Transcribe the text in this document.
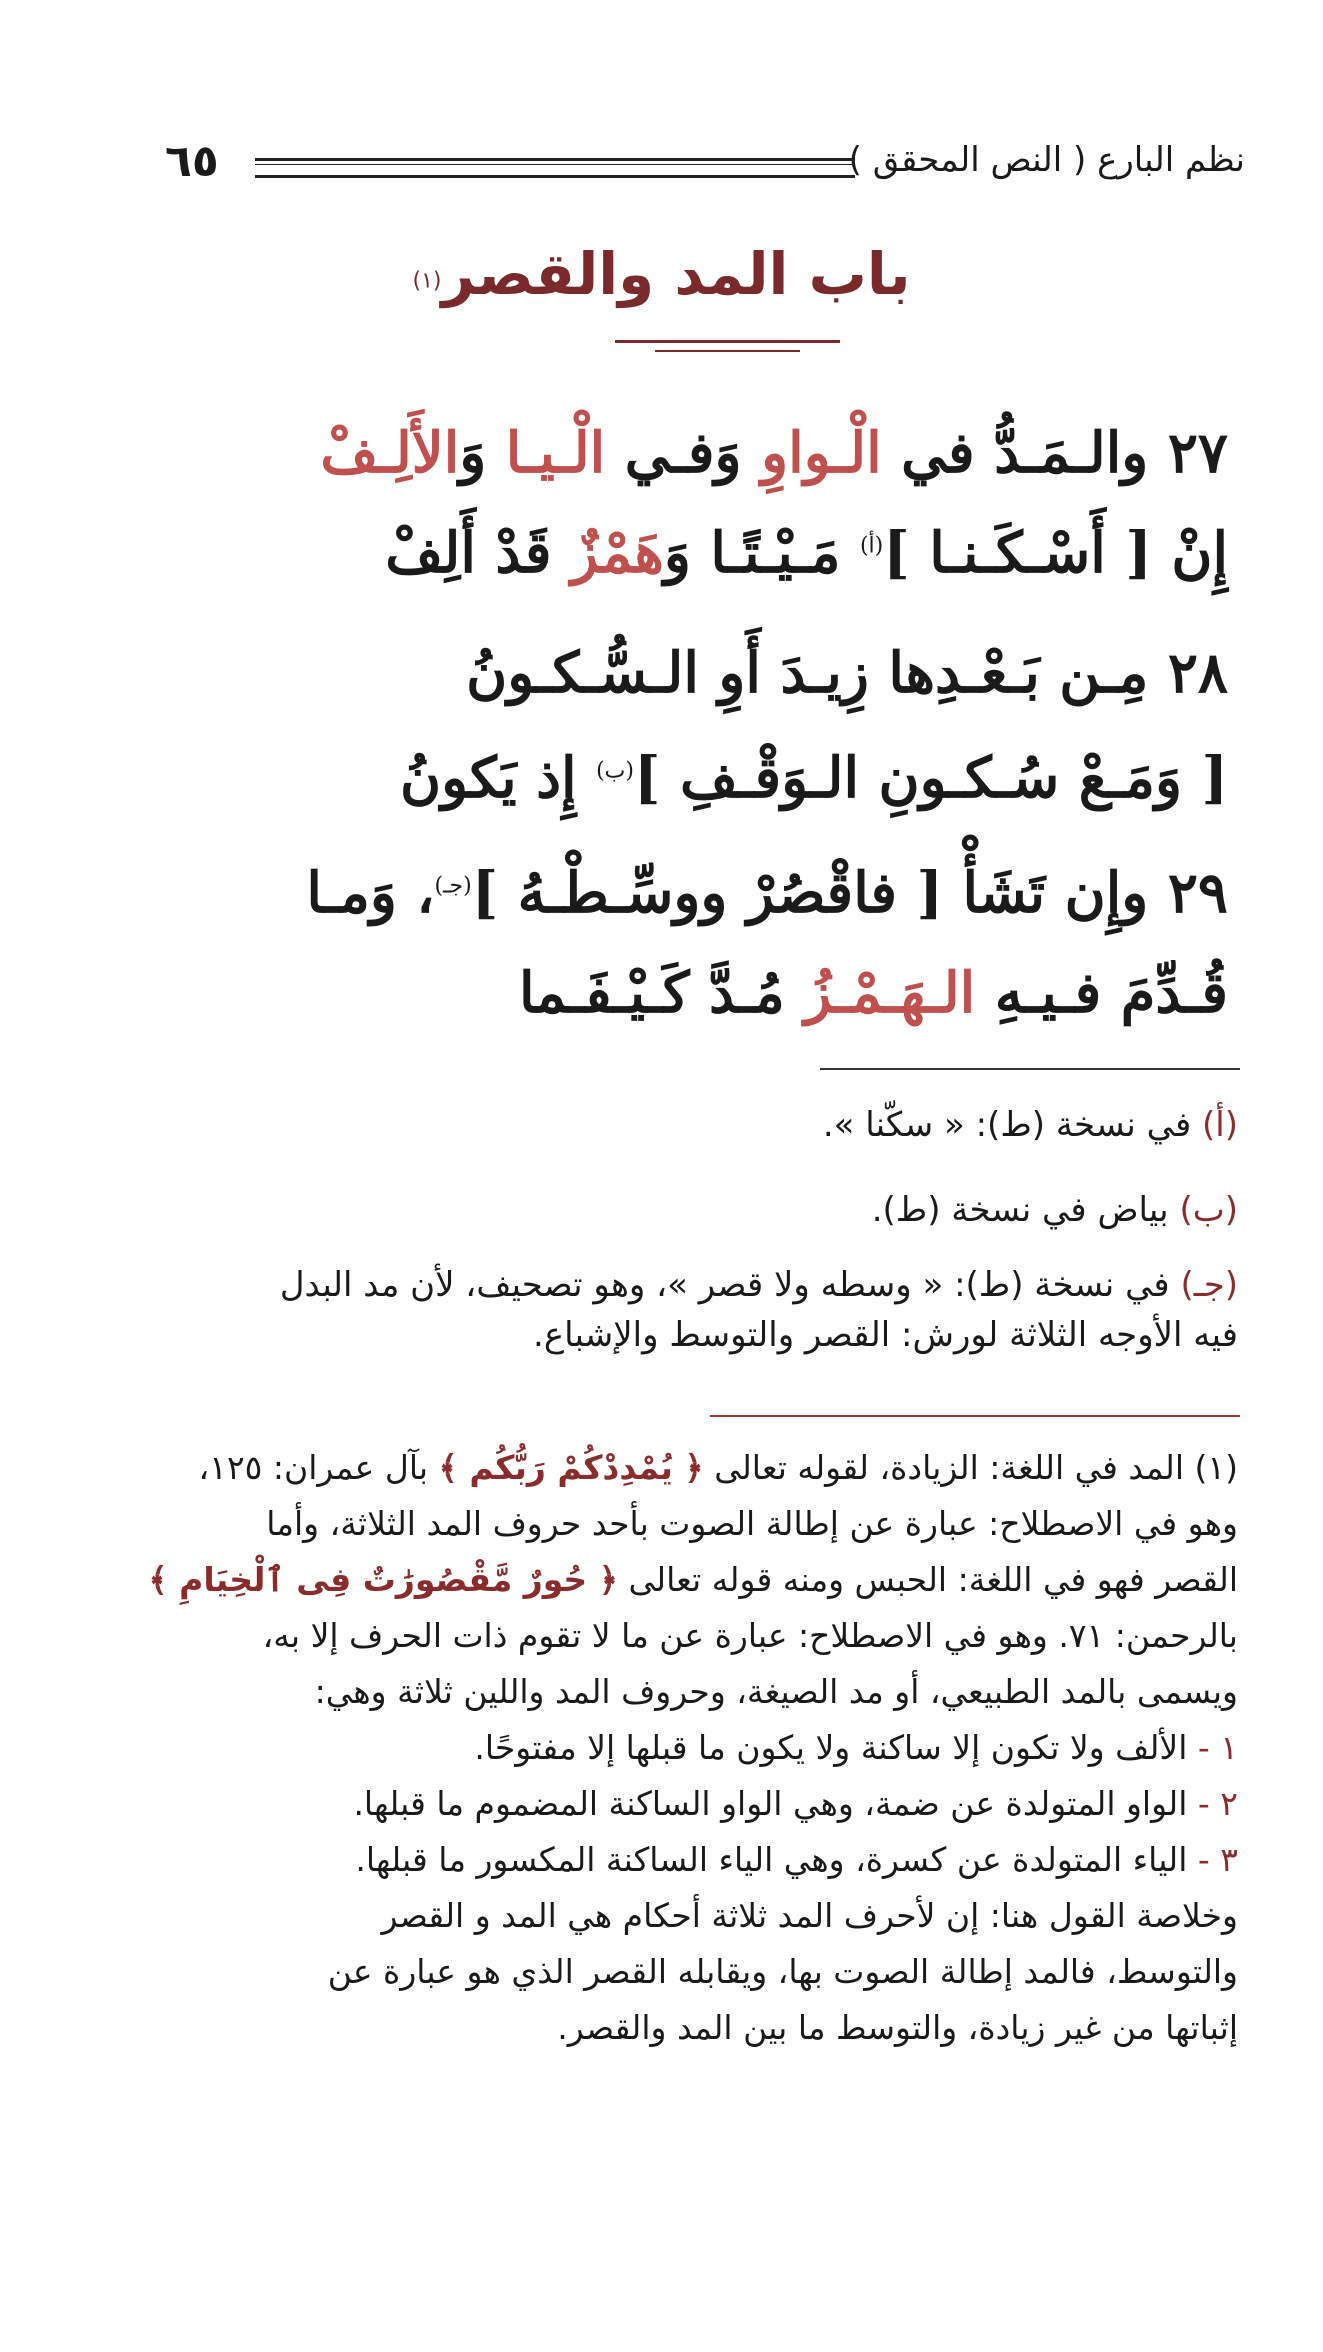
نظم البارع ( النص المحقق )
٦٥
باب المد والقصر(١)
٢٧ والـمَـدُّ في الْـواوِ وَفـي الْـيـا وَالأَلِـفْ
إِنْ [ أَسْـكَـنـا ]$^{(أ)}$ مَـيْـتًـا وَهَمْزٌ قَدْ أَلِفْ
٢٨ مِـن بَـعْـدِها زِيـدَ أَوِ الـسُّـكـونُ
[ وَمَـعْ سُـكـونِ الـوَقْـفِ ]$^{(ب)}$ إِذ يَكونُ
٢٩ وإِن تَشَأْ [ فاقْصُرْ ووسِّـطْـهُ ]$^{(جـ)}$، وَمـا
قُـدِّمَ فـيـهِ الـهَـمْـزُ مُـدَّ كَـيْـفَـما
(أ) في نسخة (ط): « سكّنا ».
(ب) بياض في نسخة (ط).
(جـ) في نسخة (ط): « وسطه ولا قصر »، وهو تصحيف، لأن مد البدل
فيه الأوجه الثلاثة لورش: القصر والتوسط والإشباع.

(١) المد في اللغة: الزيادة، لقوله تعالى ﴿ يُمْدِدْكُمْ رَبُّكُم ﴾ بآل عمران: ١٢٥،

وهو في الاصطلاح: عبارة عن إطالة الصوت بأحد حروف المد الثلاثة، وأما

القصر فهو في اللغة: الحبس ومنه قوله تعالى ﴿ حُورٌ مَّقْصُورَٰتٌ فِى ٱلْخِيَامِ ﴾

بالرحمن: ٧١. وهو في الاصطلاح: عبارة عن ما لا تقوم ذات الحرف إلا به،

ويسمى بالمد الطبيعي، أو مد الصيغة، وحروف المد واللين ثلاثة وهي:

١ - الألف ولا تكون إلا ساكنة ولا يكون ما قبلها إلا مفتوحًا.

٢ - الواو المتولدة عن ضمة، وهي الواو الساكنة المضموم ما قبلها.

٣ - الياء المتولدة عن كسرة، وهي الياء الساكنة المكسور ما قبلها.

وخلاصة القول هنا: إن لأحرف المد ثلاثة أحكام هي المد و القصر

والتوسط، فالمد إطالة الصوت بها، ويقابله القصر الذي هو عبارة عن

إثباتها من غير زيادة، والتوسط ما بين المد والقصر.
